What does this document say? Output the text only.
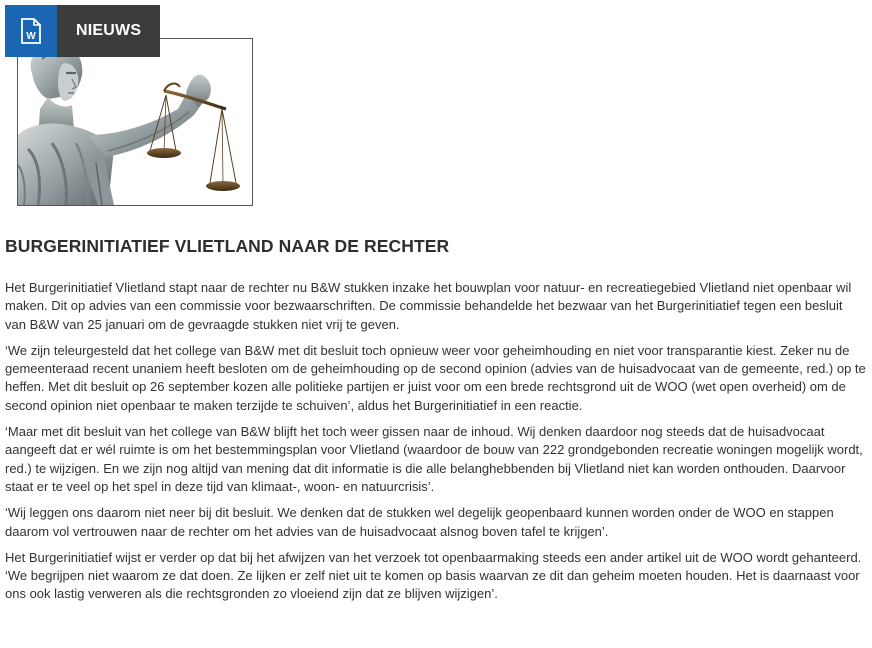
W	NIEUWS
BURGERINITIATIEF VLIETLAND NAAR DE RECHTER

Het Burgerinitiatief Vlietland stapt naar de rechter nu B&W stukken inzake het bouwplan voor natuur- en recreatiegebied Vlietland niet openbaar wil maken. Dit op advies van een commissie voor bezwaarschriften. De commissie behandelde het bezwaar van het Burgerinitiatief tegen een besluit van B&W van 25 januari om de gevraagde stukken niet vrij te geven.

‘We zijn teleurgesteld dat het college van B&W met dit besluit toch opnieuw weer voor geheimhouding en niet voor transparantie kiest. Zeker nu de gemeenteraad recent unaniem heeft besloten om de geheimhouding op de second opinion (advies van de huisadvocaat van de gemeente, red.) op te heffen. Met dit besluit op 26 september kozen alle politieke partijen er juist voor om een brede rechtsgrond uit de WOO (wet open overheid) om de second opinion niet openbaar te maken terzijde te schuiven’, aldus het Burgerinitiatief in een reactie.

‘Maar met dit besluit van het college van B&W blijft het toch weer gissen naar de inhoud. Wij denken daardoor nog steeds dat de huisadvocaat aangeeft dat er wél ruimte is om het bestemmingsplan voor Vlietland (waardoor de bouw van 222 grondgebonden recreatie woningen mogelijk wordt, red.) te wijzigen. En we zijn nog altijd van mening dat dit informatie is die alle belanghebbenden bij Vlietland niet kan worden onthouden. Daarvoor staat er te veel op het spel in deze tijd van klimaat-, woon- en natuurcrisis’.

‘Wij leggen ons daarom niet neer bij dit besluit. We denken dat de stukken wel degelijk geopenbaard kunnen worden onder de WOO en stappen daarom vol vertrouwen naar de rechter om het advies van de huisadvocaat alsnog boven tafel te krijgen’.

Het Burgerinitiatief wijst er verder op dat bij het afwijzen van het verzoek tot openbaarmaking steeds een ander artikel uit de WOO wordt gehanteerd. ‘We begrijpen niet waarom ze dat doen. Ze lijken er zelf niet uit te komen op basis waarvan ze dit dan geheim moeten houden. Het is daarnaast voor ons ook lastig verweren als die rechtsgronden zo vloeiend zijn dat ze blijven wijzigen’.
